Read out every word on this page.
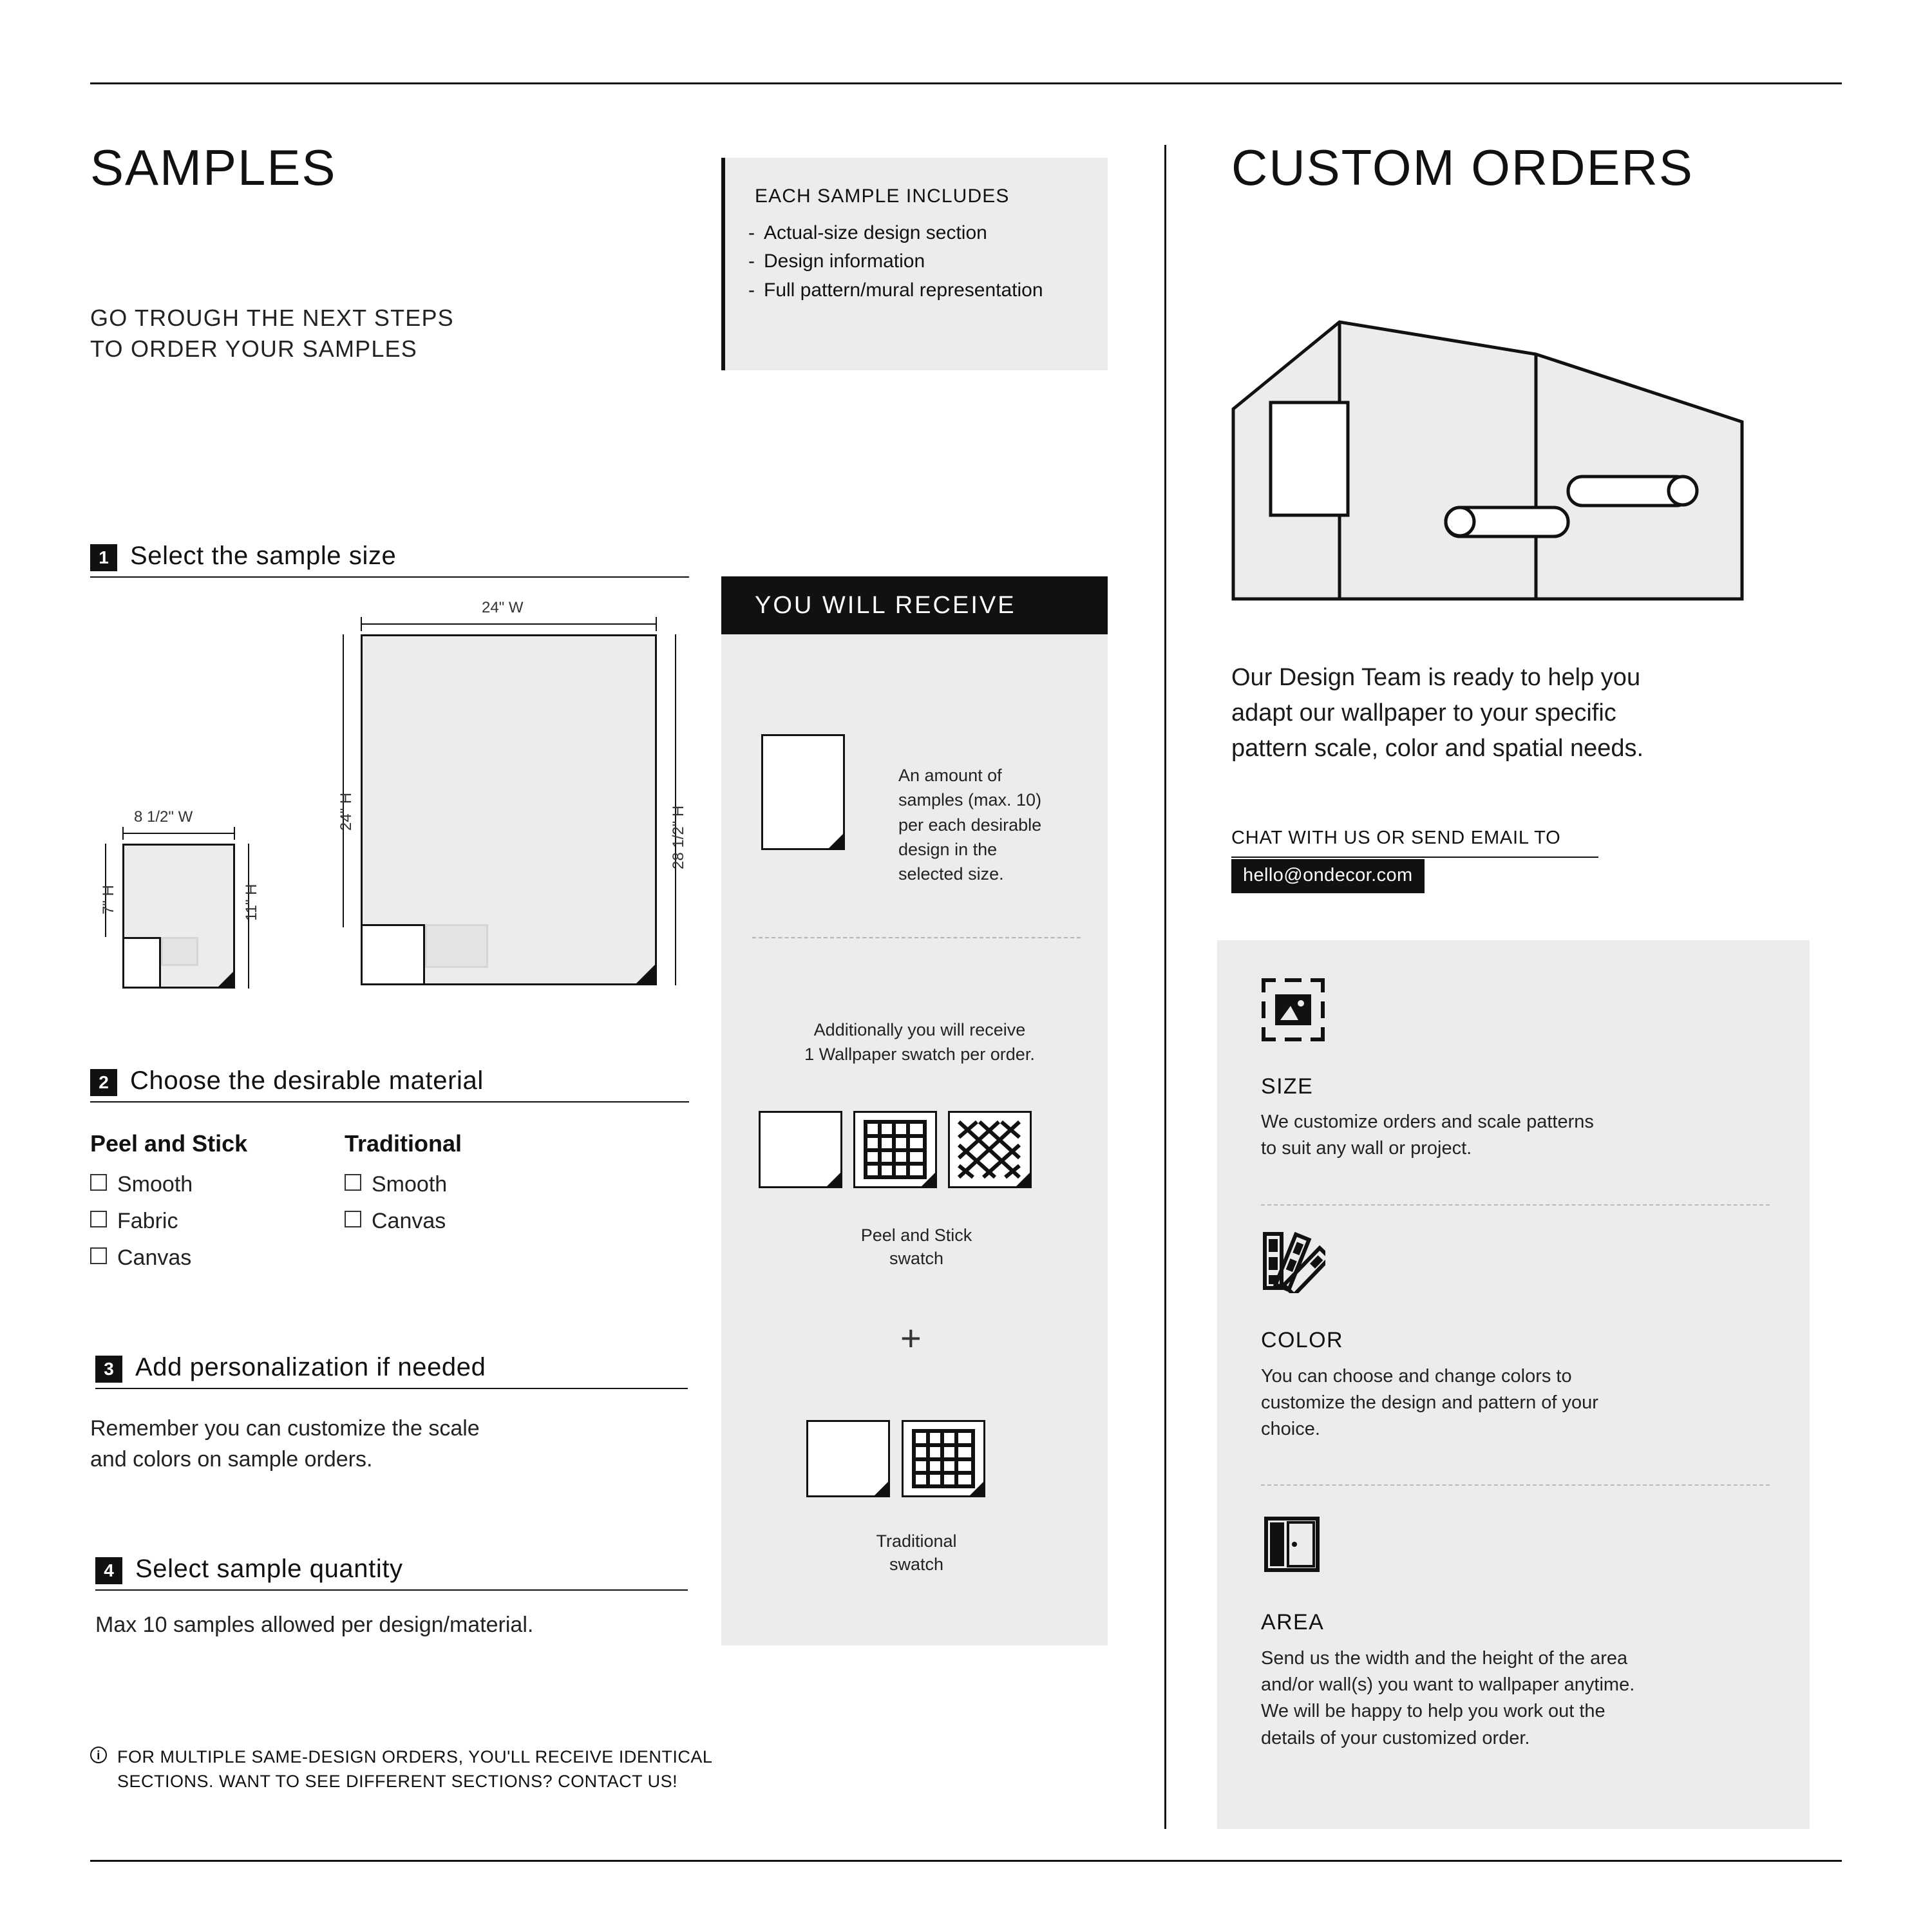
SAMPLES
GO TROUGH THE NEXT STEPS
TO ORDER YOUR SAMPLES
EACH SAMPLE INCLUDES
- Actual-size design section
- Design information
- Full pattern/mural representation
1 Select the sample size
24" W
24" H	28 1/2" H
8 1/2" W
7" H	11" H
2 Choose the desirable material
Peel and Stick
Smooth
Fabric
Canvas
Traditional
Smooth
Canvas
3 Add personalization if needed
Remember you can customize the scale
and colors on sample orders.
4 Select sample quantity
Max 10 samples allowed per design/material.
i FOR MULTIPLE SAME-DESIGN ORDERS, YOU'LL RECEIVE IDENTICAL
SECTIONS. WANT TO SEE DIFFERENT SECTIONS? CONTACT US!
YOU WILL RECEIVE
An amount of
samples (max. 10)
per each desirable
design in the
selected size.
Additionally you will receive
1 Wallpaper swatch per order.
Peel and Stick
swatch
+
Traditional
swatch
CUSTOM ORDERS
Our Design Team is ready to help you
adapt our wallpaper to your specific
pattern scale, color and spatial needs.
CHAT WITH US OR SEND EMAIL TO
hello@ondecor.com
SIZE
We customize orders and scale patterns
to suit any wall or project.
COLOR
You can choose and change colors to
customize the design and pattern of your
choice.
AREA
Send us the width and the height of the area
and/or wall(s) you want to wallpaper anytime.
We will be happy to help you work out the
details of your customized order.
